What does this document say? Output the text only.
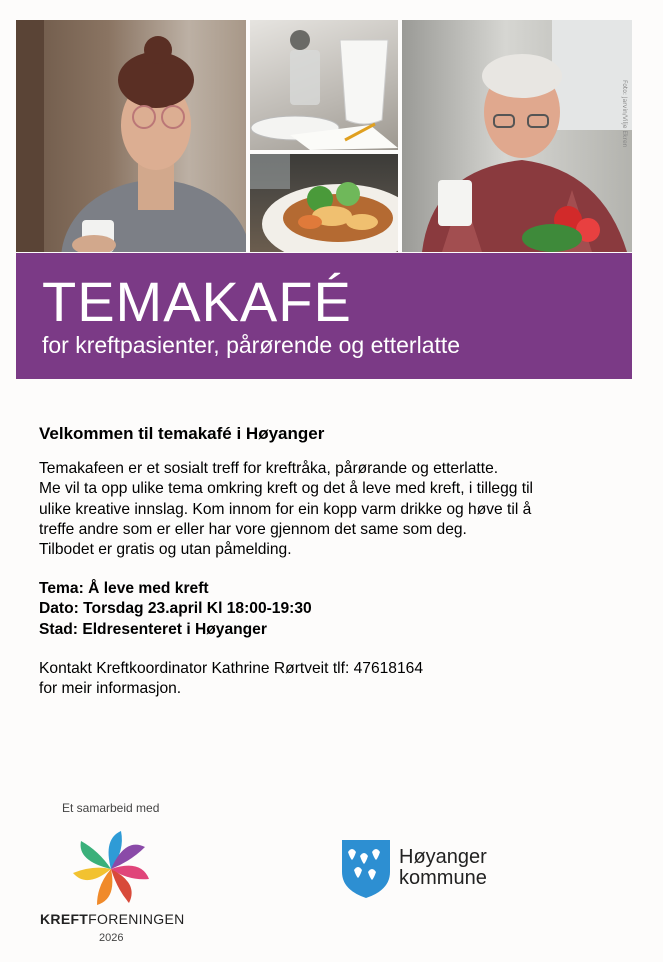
Foto: Jarvin/Vilje Ekren
TEMAKAFÉ
for kreftpasienter, pårørende og etterlatte
Velkommen til temakafé i Høyanger
Temakafeen er et sosialt treff for kreftråka, pårørande og etterlatte.
Me vil ta opp ulike tema omkring kreft og det å leve med kreft, i tillegg til
ulike kreative innslag. Kom innom for ein kopp varm drikke og høve til å
treffe andre som er eller har vore gjennom det same som deg.
Tilbodet er gratis og utan påmelding.
Tema: Å leve med kreft
Dato: Torsdag 23.april Kl 18:00-19:30
Stad: Eldresenteret i Høyanger
Kontakt Kreftkoordinator Kathrine Rørtveit tlf: 47618164
for meir informasjon.
Et samarbeid med
KREFTFORENINGEN
2026
Høyanger
kommune
